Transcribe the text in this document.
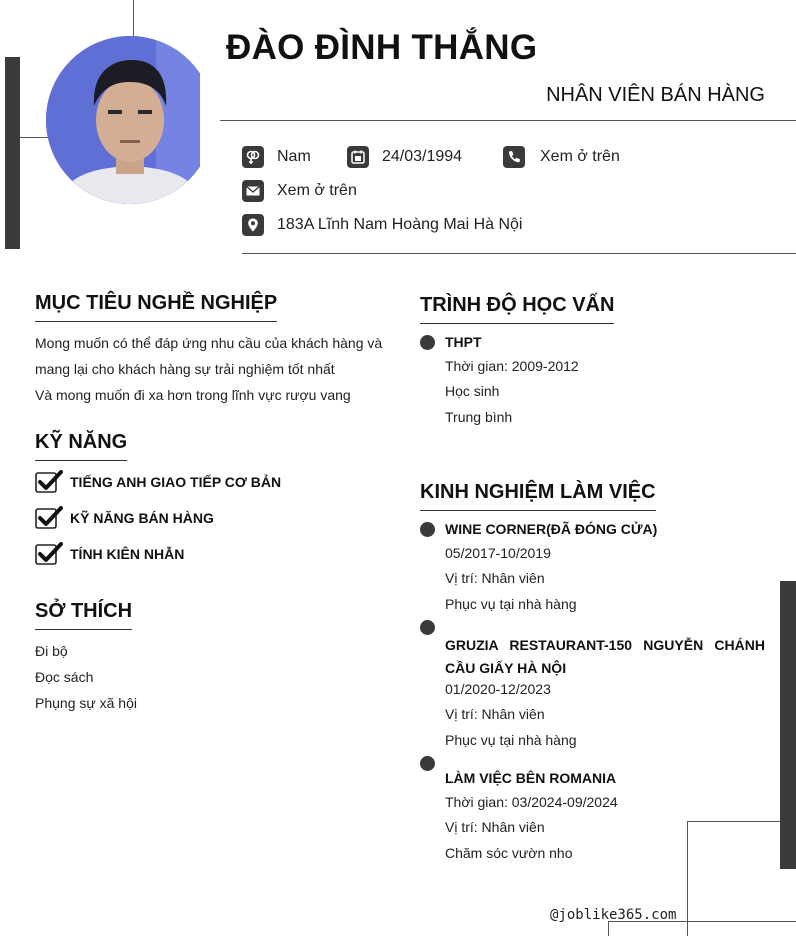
ĐÀO ĐÌNH THẮNG
NHÂN VIÊN BÁN HÀNG
Nam	24/03/1994	Xem ở trên
Xem ở trên
183A Lĩnh Nam Hoàng Mai Hà Nội
MỤC TIÊU NGHỀ NGHIỆP
Mong muốn có thể đáp ứng nhu cầu của khách hàng và
mang lại cho khách hàng sự trải nghiệm tốt nhất
Và mong muốn đi xa hơn trong lĩnh vực rượu vang
KỸ NĂNG
TIẾNG ANH GIAO TIẾP CƠ BẢN
KỸ NĂNG BÁN HÀNG
TÍNH KIÊN NHẪN
SỞ THÍCH
Đi bộ
Đọc sách
Phụng sự xã hội
TRÌNH ĐỘ HỌC VẤN
THPT
Thời gian: 2009-2012
Học sinh
Trung bình
KINH NGHIỆM LÀM VIỆC
WINE CORNER(ĐÃ ĐÓNG CỬA)
05/2017-10/2019
Vị trí: Nhân viên
Phục vụ tại nhà hàng
GRUZIA RESTAURANT-150 NGUYỄN CHÁNH CẦU GIẤY HÀ NỘI
01/2020-12/2023
Vị trí: Nhân viên
Phục vụ tại nhà hàng
LÀM VIỆC BÊN ROMANIA
Thời gian: 03/2024-09/2024
Vị trí: Nhân viên
Chăm sóc vườn nho
@joblike365.com
